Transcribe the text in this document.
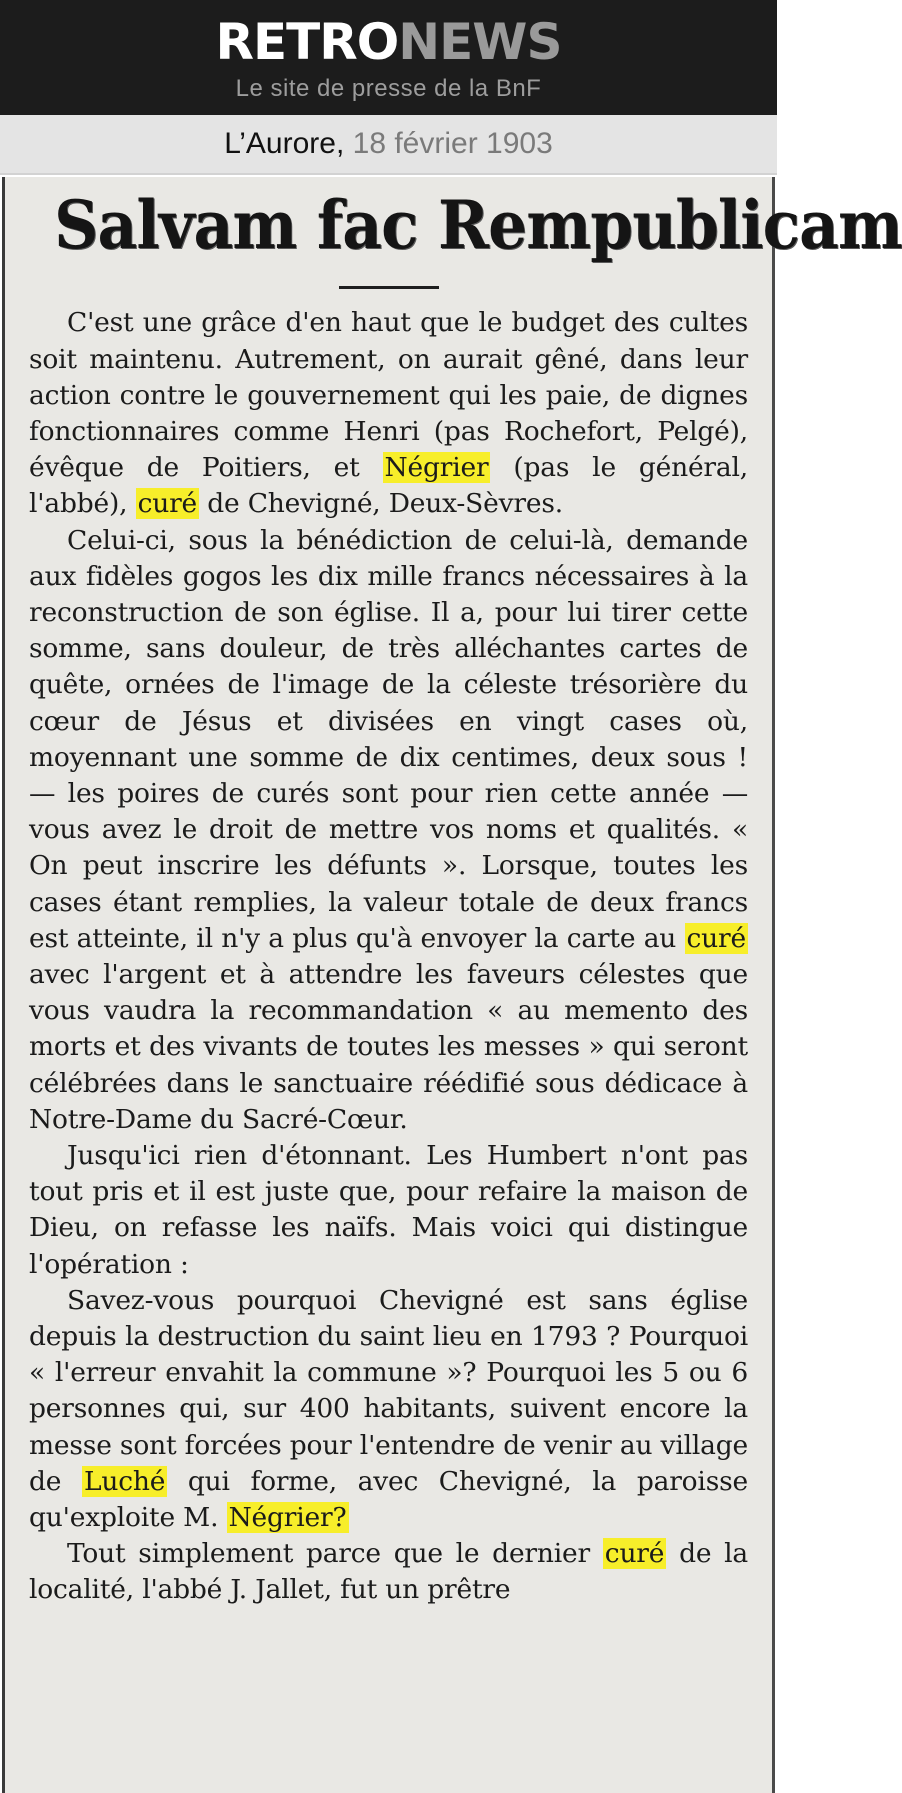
RETRONEWS
Le site de presse de la BnF
L’Aurore,
18 février 1903
Salvam fac Rempublicam

C'est une grâce d'en haut que le budget des cultes soit maintenu. Autrement, on aurait gêné, dans leur action contre le gouvernement qui les paie, de dignes fonctionnaires comme Henri (pas Rochefort, Pelgé), évêque de Poitiers, et Négrier (pas le général, l'abbé), curé de Chevigné, Deux-Sèvres.

Celui-ci, sous la bénédiction de celui-là, demande aux fidèles gogos les dix mille francs nécessaires à la reconstruction de son église. Il a, pour lui tirer cette somme, sans douleur, de très alléchantes cartes de quête, ornées de l'image de la céleste trésorière du cœur de Jésus et divisées en vingt cases où, moyennant une somme de dix centimes, deux sous ! — les poires de curés sont pour rien cette année — vous avez le droit de mettre vos noms et qualités. « On peut inscrire les défunts ». Lorsque, toutes les cases étant remplies, la valeur totale de deux francs est atteinte, il n'y a plus qu'à envoyer la carte au curé avec l'argent et à attendre les faveurs célestes que vous vaudra la recommandation « au memento des morts et des vivants de toutes les messes » qui seront célébrées dans le sanctuaire réédifié sous dédicace à Notre-Dame du Sacré-Cœur.

Jusqu'ici rien d'étonnant. Les Humbert n'ont pas tout pris et il est juste que, pour refaire la maison de Dieu, on refasse les naïfs. Mais voici qui distingue l'opération :

Savez-vous pourquoi Chevigné est sans église depuis la destruction du saint lieu en 1793 ? Pourquoi « l'erreur envahit la commune »? Pourquoi les 5 ou 6 personnes qui, sur 400 habitants, suivent encore la messe sont forcées pour l'entendre de venir au village de Luché qui forme, avec Chevigné, la paroisse qu'exploite M. Négrier?

Tout simplement parce que le dernier curé de la localité, l'abbé J. Jallet, fut un prêtre
